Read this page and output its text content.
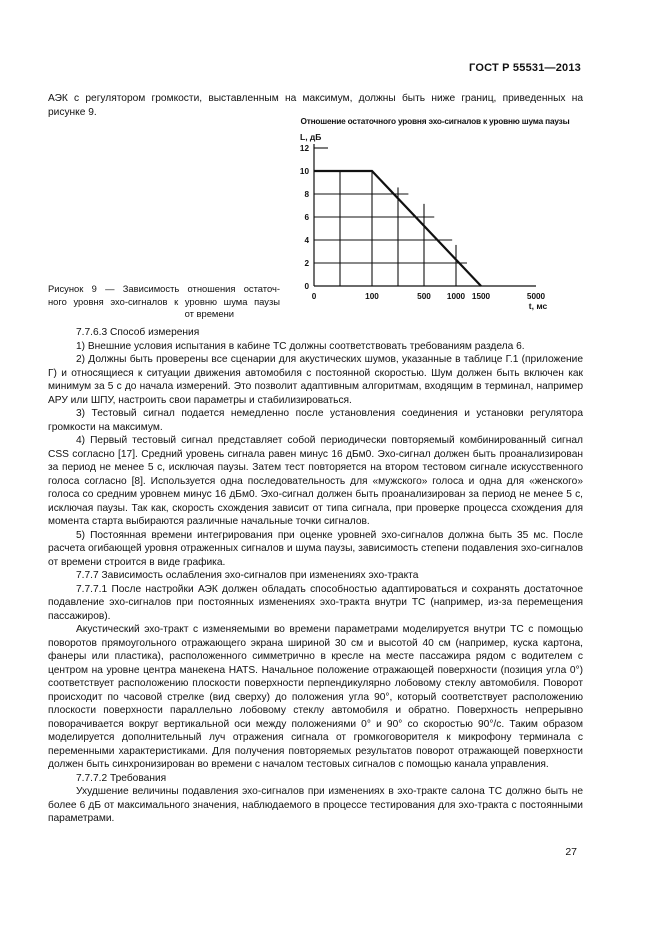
ГОСТ Р 55531—2013
АЭК с регулятором громкости, выставленным на максимум, должны быть ниже границ, приведенных на
рисунке 9.
Отношение остаточного уровня эхо-сигналов к уровню шума паузы
0
2
4
6
8
10
12
0	100	500 1000 1500	5000
L, дБ
t, мс
Рисунок 9 — Зависимость отношения остаточ-
ного уровня эхо-сигналов к уровню шума паузы
от времени

7.7.6.3 Способ измерения

1) Внешние условия испытания в кабине ТС должны соответствовать требованиям раздела 6.

2) Должны быть проверены все сценарии для акустических шумов, указанные в таблице Г.1 (приложение Г) и относящиеся к ситуации движения автомобиля с постоянной скоростью. Шум должен быть включен как минимум за 5 с до начала измерений. Это позволит адаптивным алгоритмам, входящим в терминал, например АРУ или ШПУ, настроить свои параметры и стабилизироваться.

3) Тестовый сигнал подается немедленно после установления соединения и установки регулятора громкости на максимум.

4) Первый тестовый сигнал представляет собой периодически повторяемый комбинированный сигнал CSS согласно [17]. Средний уровень сигнала равен минус 16 дБм0. Эхо-сигнал должен быть проанализирован за период не менее 5 с, исключая паузы. Затем тест повторяется на втором тестовом сигнале искусственного голоса согласно [8]. Используется одна последовательность для «мужского» голоса и одна для «женского» голоса со средним уровнем минус 16 дБм0. Эхо-сигнал должен быть проанализирован за период не менее 5 с, исключая паузы. Так как, скорость схождения зависит от типа сигнала, при проверке процесса схождения для момента старта выбираются различные начальные точки сигналов.

5) Постоянная времени интегрирования при оценке уровней эхо-сигналов должна быть 35 мс. После расчета огибающей уровня отраженных сигналов и шума паузы, зависимость степени подавления эхо-сигналов от времени строится в виде графика.

7.7.7 Зависимость ослабления эхо-сигналов при изменениях эхо-тракта

7.7.7.1 После настройки АЭК должен обладать способностью адаптироваться и сохранять достаточное подавление эхо-сигналов при постоянных изменениях эхо-тракта внутри ТС (например, из-за перемещения пассажиров).

Акустический эхо-тракт с изменяемыми во времени параметрами моделируется внутри ТС с помощью поворотов прямоугольного отражающего экрана шириной 30 см и высотой 40 см (например, куска картона, фанеры или пластика), расположенного симметрично в кресле на месте пассажира рядом с водителем с центром на уровне центра манекена HATS. Начальное положение отражающей поверхности (позиция угла 0°) соответствует расположению плоскости поверхности перпендикулярно лобовому стеклу автомобиля. Поворот происходит по часовой стрелке (вид сверху) до положения угла 90°, который соответствует расположению плоскости поверхности параллельно лобовому стеклу автомобиля и обратно. Поверхность непрерывно поворачивается вокруг вертикальной оси между положениями 0° и 90° со скоростью 90°/с. Таким образом моделируется дополнительный луч отражения сигнала от громкоговорителя к микрофону терминала с переменными характеристиками. Для получения повторяемых результатов поворот отражающей поверхности должен быть синхронизирован во времени с началом тестовых сигналов с помощью канала управления.

7.7.7.2 Требования

Ухудшение величины подавления эхо-сигналов при изменениях в эхо-тракте салона ТС должно быть не более 6 дБ от максимального значения, наблюдаемого в процессе тестирования для эхо-тракта с постоянными параметрами.

27
